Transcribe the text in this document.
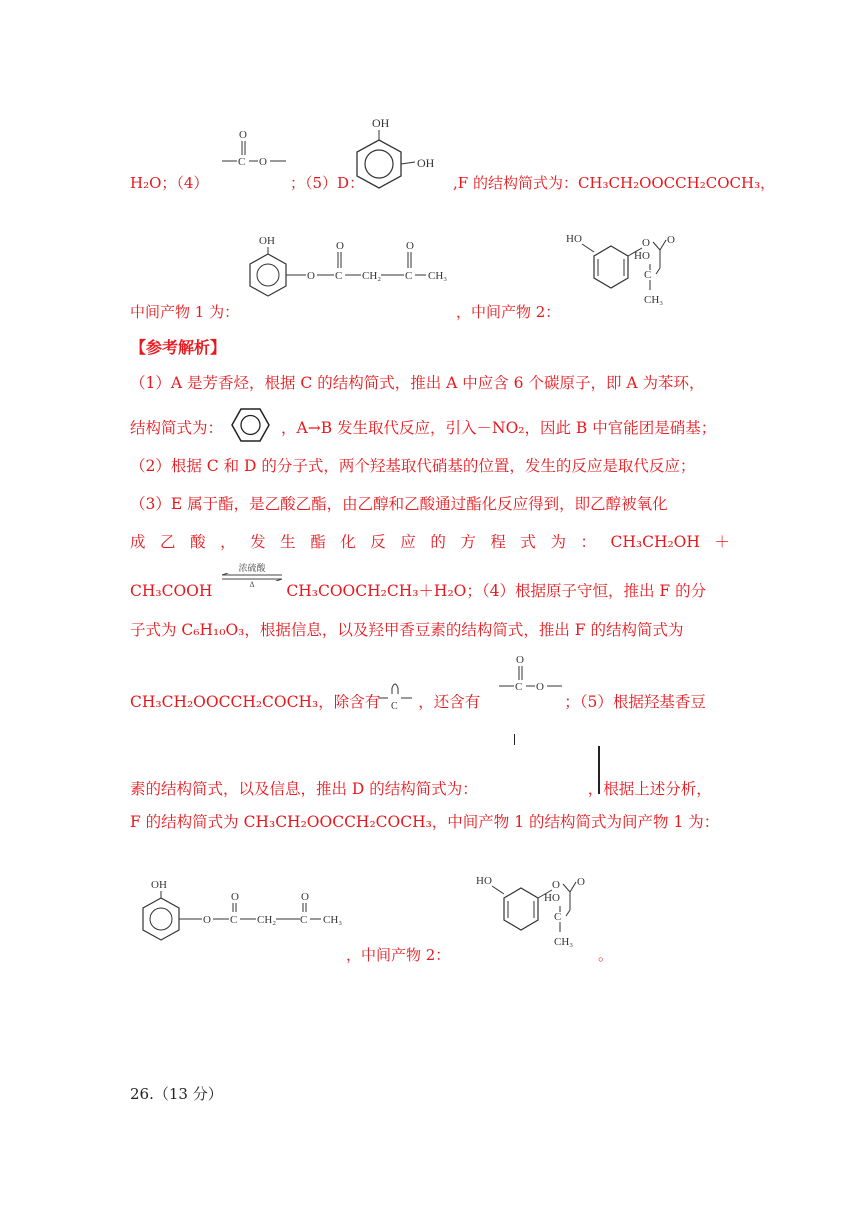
H₂O；（4）
O
C O
；（5）D：
OH
OH
,F 的结构简式为：CH₃CH₂OOCCH₂COCH₃，
中间产物 1 为：
OH
O
O
C CH₂
O
C CH₃
，中间产物 2：
HO	O O
HO
C
CH₃
【参考解析】
（1）A 是芳香烃，根据 C 的结构简式，推出 A 中应含 6 个碳原子，即 A 为苯环，
结构简式为：	，A→B 发生取代反应，引入－NO₂，因此 B 中官能团是硝基；
（2）根据 C 和 D 的分子式，两个羟基取代硝基的位置，发生的反应是取代反应；
（3）E 属于酯，是乙酸乙酯，由乙醇和乙酸通过酯化反应得到，即乙醇被氧化
成 乙 酸 ， 发 生 酯 化 反 应 的 方 程 式 为 ： CH₃CH₂OH ＋
CH₃COOH	CH₃COOCH₂CH₃＋H₂O；（4）根据原子守恒，推出 F 的分
浓硫酸
Δ
子式为 C₆H₁₀O₃，根据信息，以及羟甲香豆素的结构简式，推出 F 的结构简式为
CH₃CH₂OOCCH₂COCH₃，除含有 ，还含有	；（5）根据羟基香豆
C
O
C O
素的结构简式，以及信息，推出 D 的结构简式为：	，根据上述分析，
F 的结构简式为 CH₃CH₂OOCCH₂COCH₃，中间产物 1 的结构简式为间产物 1 为：
OH
O
O
C CH₂
O
C CH₃
，中间产物 2：
HO	O O
HO
C
CH₃
。
26.（13 分）
